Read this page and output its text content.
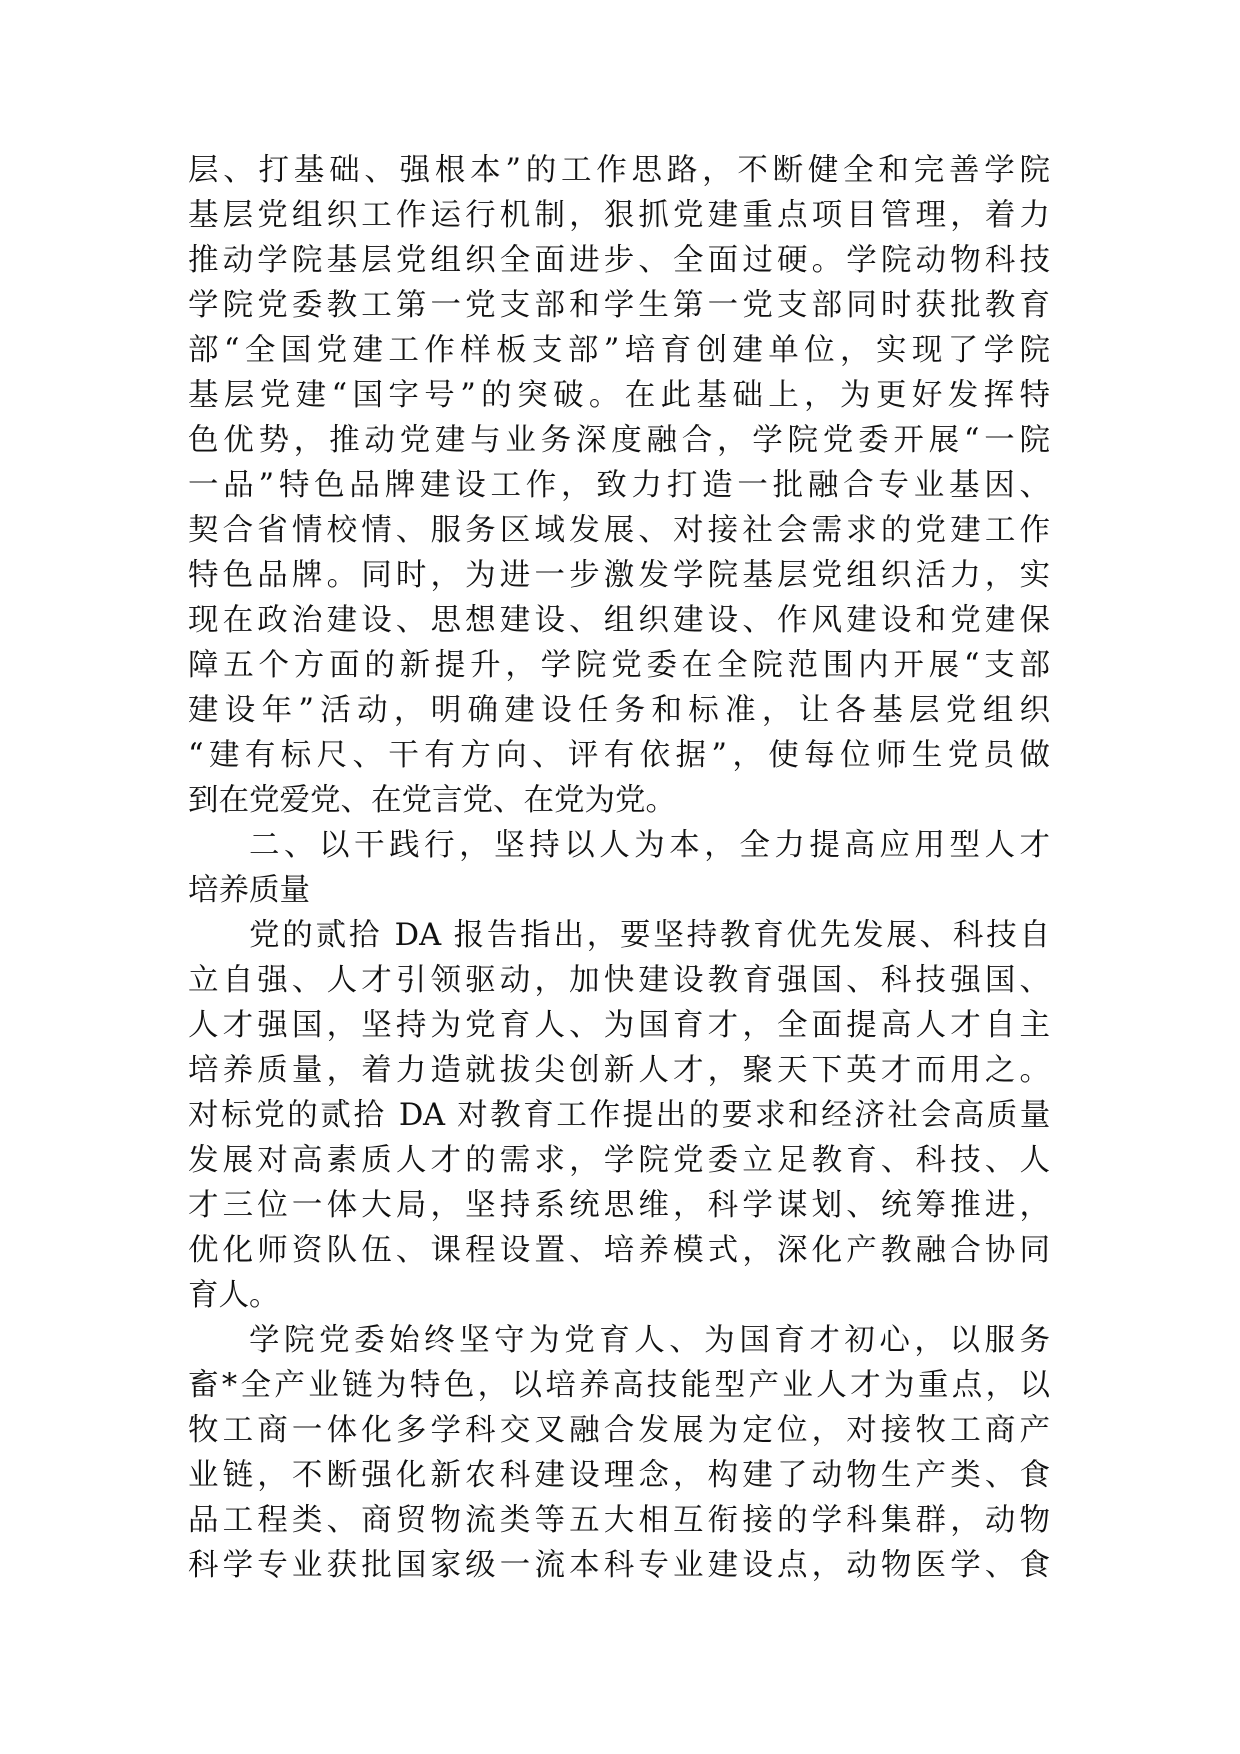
层、打基础、强根本”的工作思路，不断健全和完善学院
基层党组织工作运行机制，狠抓党建重点项目管理，着力
推动学院基层党组织全面进步、全面过硬。学院动物科技
学院党委教工第一党支部和学生第一党支部同时获批教育
部“全国党建工作样板支部”培育创建单位，实现了学院
基层党建“国字号”的突破。在此基础上，为更好发挥特
色优势，推动党建与业务深度融合，学院党委开展“一院
一品”特色品牌建设工作，致力打造一批融合专业基因、
契合省情校情、服务区域发展、对接社会需求的党建工作
特色品牌。同时，为进一步激发学院基层党组织活力，实
现在政治建设、思想建设、组织建设、作风建设和党建保
障五个方面的新提升，学院党委在全院范围内开展“支部
建设年”活动，明确建设任务和标准，让各基层党组织
“建有标尺、干有方向、评有依据”，使每位师生党员做
到在党爱党、在党言党、在党为党。
二、以干践行，坚持以人为本，全力提高应用型人才
培养质量
党的贰拾 DA 报告指出，要坚持教育优先发展、科技自
立自强、人才引领驱动，加快建设教育强国、科技强国、
人才强国，坚持为党育人、为国育才，全面提高人才自主
培养质量，着力造就拔尖创新人才，聚天下英才而用之。
对标党的贰拾 DA 对教育工作提出的要求和经济社会高质量
发展对高素质人才的需求，学院党委立足教育、科技、人
才三位一体大局，坚持系统思维，科学谋划、统筹推进，
优化师资队伍、课程设置、培养模式，深化产教融合协同
育人。
学院党委始终坚守为党育人、为国育才初心，以服务
畜*全产业链为特色，以培养高技能型产业人才为重点，以
牧工商一体化多学科交叉融合发展为定位，对接牧工商产
业链，不断强化新农科建设理念，构建了动物生产类、食
品工程类、商贸物流类等五大相互衔接的学科集群，动物
科学专业获批国家级一流本科专业建设点，动物医学、食
